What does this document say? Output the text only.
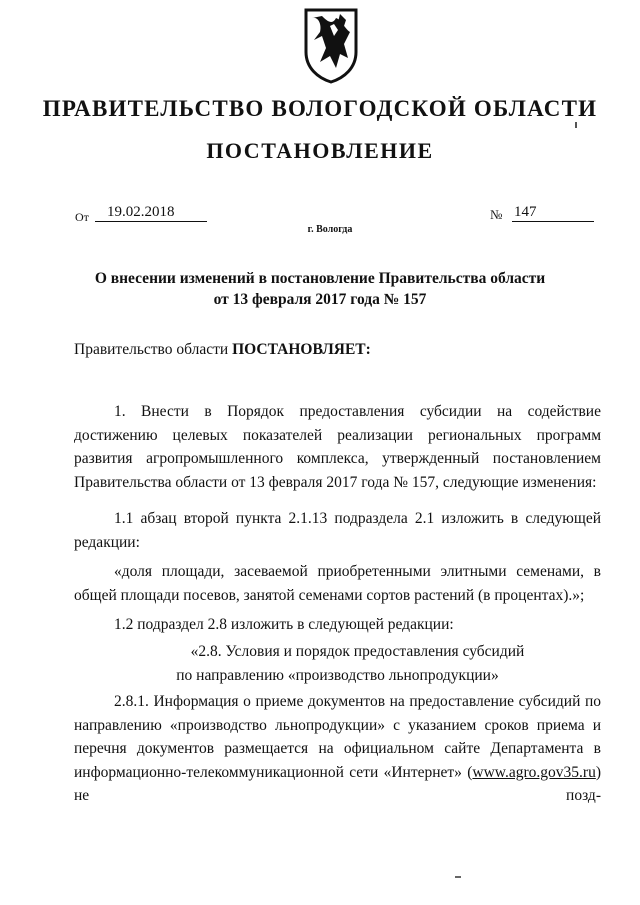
ПРАВИТЕЛЬСТВО ВОЛОГОДСКОЙ ОБЛАСТИ
ПОСТАНОВЛЕНИЕ
От	19.02.2018	№ 147
г. Вологда
О внесении изменений в постановление Правительства области
от 13 февраля 2017 года № 157
Правительство области ПОСТАНОВЛЯЕТ:
1. Внести в Порядок предоставления субсидии на содействие достижению целевых показателей реализации региональных программ развития агропромышленного комплекса, утвержденный постановлением Правительства области от 13 февраля 2017 года № 157, следующие изменения:
1.1 абзац второй пункта 2.1.13 подраздела 2.1 изложить в следующей редакции:
«доля площади, засеваемой приобретенными элитными семенами, в общей площади посевов, занятой семенами сортов растений (в процентах).»;
1.2 подраздел 2.8 изложить в следующей редакции:
«2.8. Условия и порядок предоставления субсидий
по направлению «производство льнопродукции»
2.8.1. Информация о приеме документов на предоставление субсидий по направлению «производство льнопродукции» с указанием сроков приема и перечня документов размещается на официальном сайте Департамента в информационно-телекоммуникационной сети «Интернет» (www.agro.gov35.ru) не позд-
